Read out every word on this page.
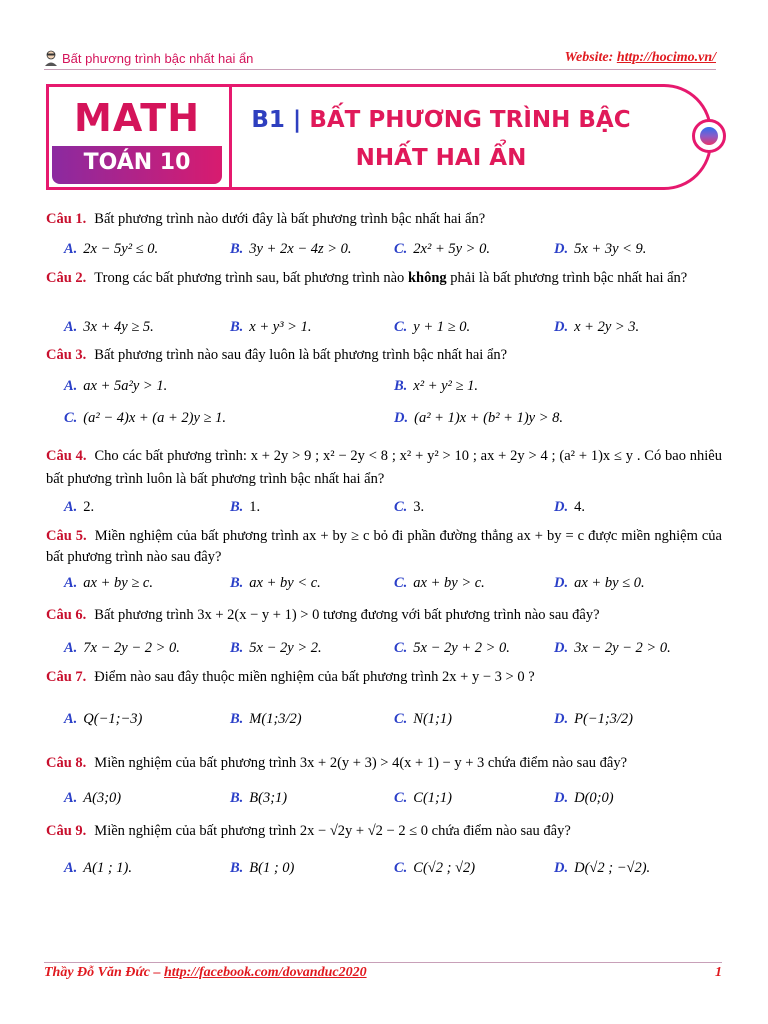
Bất phương trình bậc nhất hai ẩn	Website: http://hocimo.vn/
MATH
TOÁN 10
B1 | BẤT PHƯƠNG TRÌNH BẬC
NHẤT HAI ẨN
Câu 1. Bất phương trình nào dưới đây là bất phương trình bậc nhất hai ẩn?
A. 2x − 5y² ≤ 0.	B. 3y + 2x − 4z > 0.	C. 2x² + 5y > 0.	D. 5x + 3y < 9.
Câu 2. Trong các bất phương trình sau, bất phương trình nào không phải là bất phương trình bậc nhất hai ẩn?
A. 3x + 4y ≥ 5.	B. x + y³ > 1.	C. y + 1 ≥ 0.	D. x + 2y > 3.
Câu 3. Bất phương trình nào sau đây luôn là bất phương trình bậc nhất hai ẩn?
A. ax + 5a²y > 1.	B. x² + y² ≥ 1.
C. (a² − 4)x + (a + 2)y ≥ 1.	D. (a² + 1)x + (b² + 1)y > 8.
Câu 4. Cho các bất phương trình: x + 2y > 9 ; x² − 2y < 8 ; x² + y² > 10 ; ax + 2y > 4 ; (a² + 1)x ≤ y . Có bao nhiêu bất phương trình luôn là bất phương trình bậc nhất hai ẩn?
A. 2.	B. 1.	C. 3.	D. 4.
Câu 5. Miền nghiệm của bất phương trình ax + by ≥ c bỏ đi phần đường thẳng ax + by = c được miền nghiệm của bất phương trình nào sau đây?
A. ax + by ≥ c.	B. ax + by < c.	C. ax + by > c.	D. ax + by ≤ 0.
Câu 6. Bất phương trình 3x + 2(x − y + 1) > 0 tương đương với bất phương trình nào sau đây?
A. 7x − 2y − 2 > 0.	B. 5x − 2y > 2.	C. 5x − 2y + 2 > 0.	D. 3x − 2y − 2 > 0.
Câu 7. Điểm nào sau đây thuộc miền nghiệm của bất phương trình 2x + y − 3 > 0 ?
A. Q(−1;−3)	B. M(1;3/2)	C. N(1;1)	D. P(−1;3/2)
Câu 8. Miền nghiệm của bất phương trình 3x + 2(y + 3) > 4(x + 1) − y + 3 chứa điểm nào sau đây?
A. A(3;0)	B. B(3;1)	C. C(1;1)	D. D(0;0)
Câu 9. Miền nghiệm của bất phương trình 2x − √2y + √2 − 2 ≤ 0 chứa điểm nào sau đây?
A. A(1 ; 1).	B. B(1 ; 0)	C. C(√2 ; √2)	D. D(√2 ; −√2).
Thầy Đỗ Văn Đức – http://facebook.com/dovanduc2020	1
